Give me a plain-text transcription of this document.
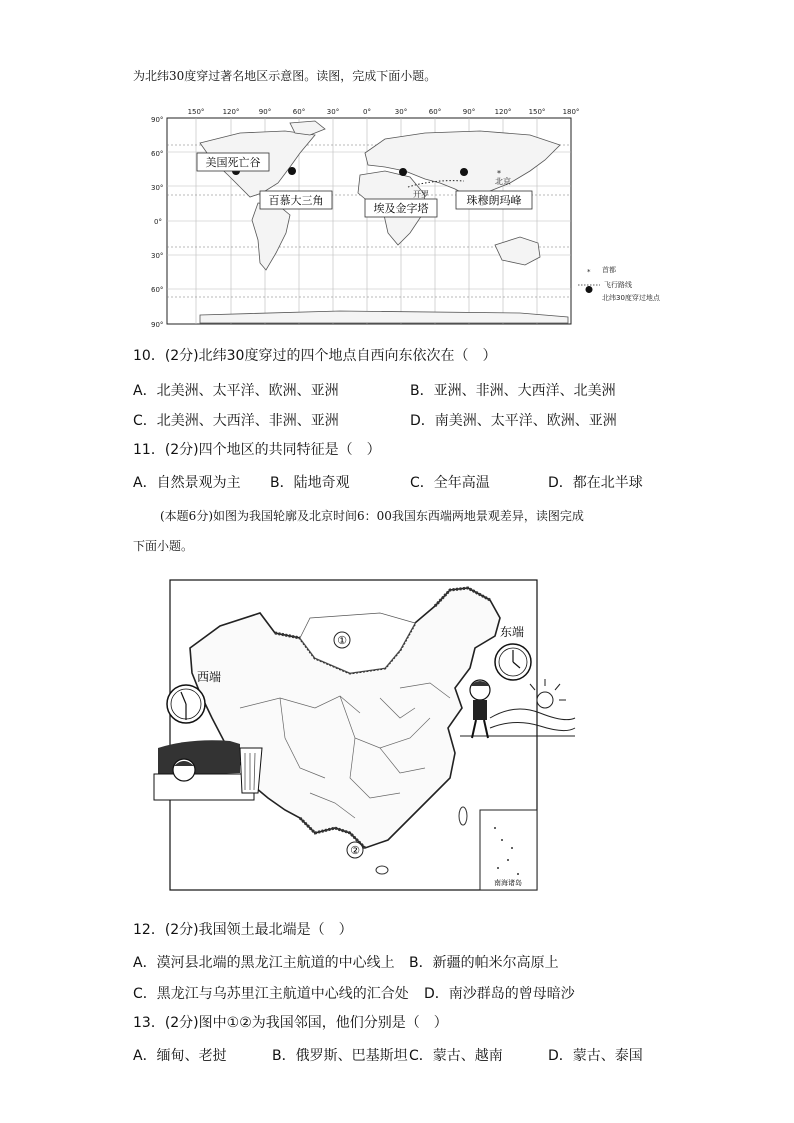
为北纬30度穿过著名地区示意图。读图，完成下面小题。
150°	120°	90°	60°	30°	0°	30°	60°	90°	120° 150° 180°
90°
60°
30°
0°
30°
60°
90°
北京
*
开罗
美国死亡谷
百慕大三角
埃及金字塔
珠穆朗玛峰
* 首都
飞行路线
北纬30度穿过地点
10．(2分)北纬30度穿过的四个地点自西向东依次在（　）
A．北美洲、太平洋、欧洲、亚洲	B．亚洲、非洲、大西洋、北美洲
C．北美洲、大西洋、非洲、亚洲	D．南美洲、太平洋、欧洲、亚洲
11．(2分)四个地区的共同特征是（　）
A．自然景观为主 B．陆地奇观	C．全年高温	D．都在北半球
(本题6分)如图为我国轮廓及北京时间6：00我国东西端两地景观差异，读图完成
下面小题。
①
②
南海诸岛
东端
西端
12．(2分)我国领土最北端是（　）
A．漠河县北端的黑龙江主航道的中心线上 B．新疆的帕米尔高原上
C．黑龙江与乌苏里江主航道中心线的汇合处 D．南沙群岛的曾母暗沙
13．(2分)图中①②为我国邻国，他们分别是（　）
A．缅甸、老挝	B．俄罗斯、巴基斯坦 C．蒙古、越南	D．蒙古、泰国
